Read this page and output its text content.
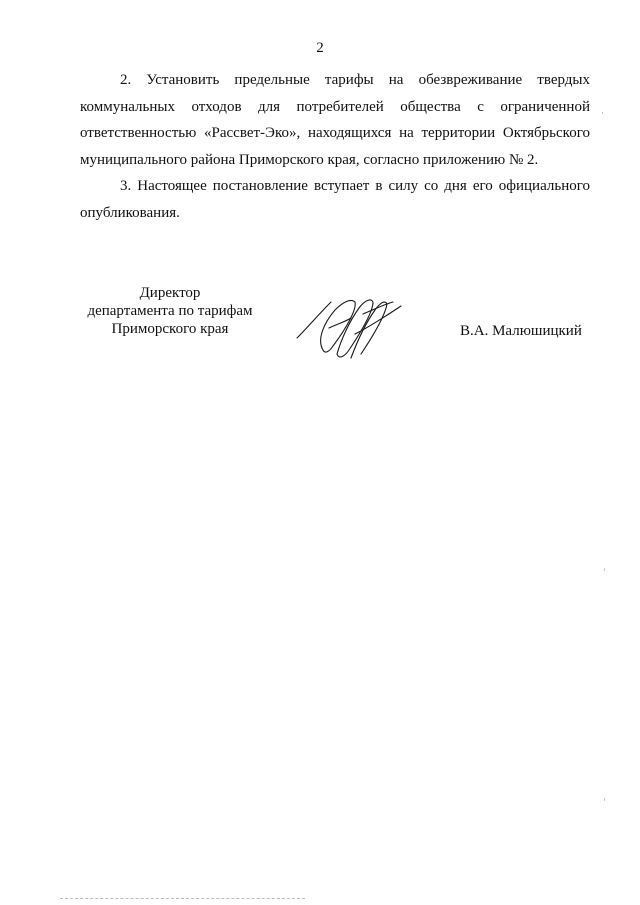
2

2. Установить предельные тарифы на обезвреживание твердых коммунальных отходов для потребителей общества с ограниченной ответственностью «Рассвет-Эко», находящихся на территории Октябрьского муниципального района Приморского края, согласно приложению № 2.

3. Настоящее постановление вступает в силу со дня его официального опубликования.

Директор
департамента по тарифам
Приморского края	В.А. Малюшицкий
